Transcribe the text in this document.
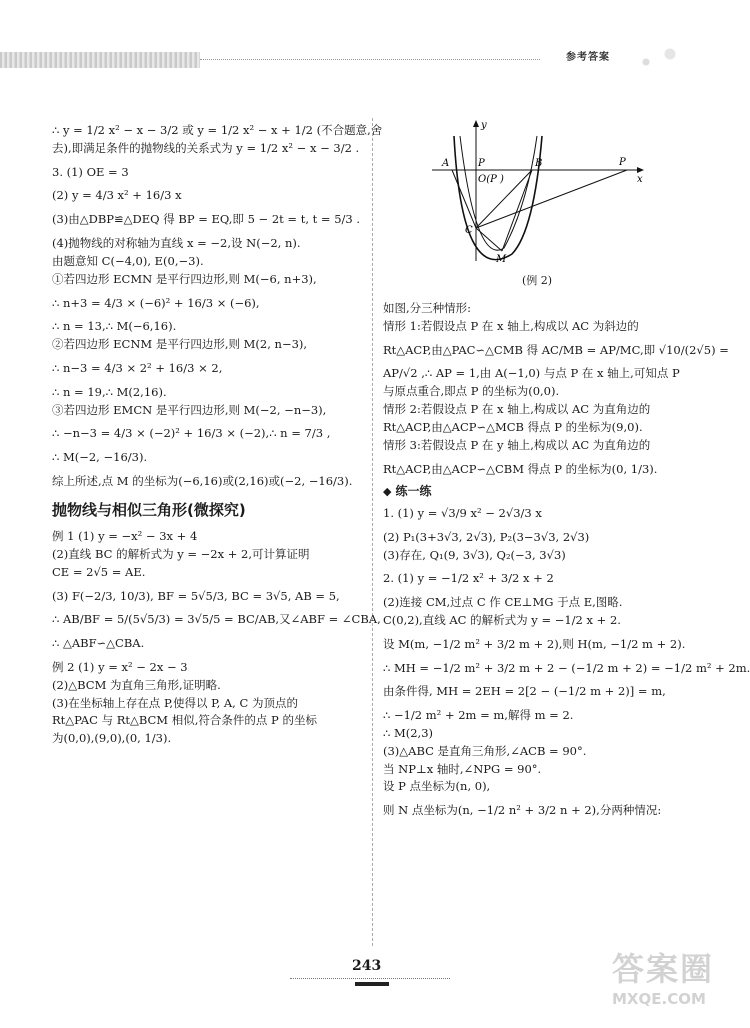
参考答案

∴ y = 1/2 x² − x − 3/2 或 y = 1/2 x² − x + 1/2 (不合题意,舍

去),即满足条件的抛物线的关系式为 y = 1/2 x² − x − 3/2 .

3. (1) OE = 3

(2) y = 4/3 x² + 16/3 x

(3)由△DBP≌△DEQ 得 BP = EQ,即 5 − 2t = t, t = 5/3 .

(4)抛物线的对称轴为直线 x = −2,设 N(−2, n).

由题意知 C(−4,0), E(0,−3).

①若四边形 ECMN 是平行四边形,则 M(−6, n+3),

∴ n+3 = 4/3 × (−6)² + 16/3 × (−6),

∴ n = 13,∴ M(−6,16).

②若四边形 ECNM 是平行四边形,则 M(2, n−3),

∴ n−3 = 4/3 × 2² + 16/3 × 2,

∴ n = 19,∴ M(2,16).

③若四边形 EMCN 是平行四边形,则 M(−2, −n−3),

∴ −n−3 = 4/3 × (−2)² + 16/3 × (−2),∴ n = 7/3 ,

∴ M(−2, −16/3).

综上所述,点 M 的坐标为(−6,16)或(2,16)或(−2, −16/3).

抛物线与相似三角形(微探究)

例 1 (1) y = −x² − 3x + 4

(2)直线 BC 的解析式为 y = −2x + 2,可计算证明

CE = 2√5 = AE.

(3) F(−2/3, 10/3), BF = 5√5/3, BC = 3√5, AB = 5,

∴ AB/BF = 5/(5√5/3) = 3√5/5 = BC/AB,又∠ABF = ∠CBA,

∴ △ABF∽△CBA.

例 2 (1) y = x² − 2x − 3

(2)△BCM 为直角三角形,证明略.

(3)在坐标轴上存在点 P,使得以 P, A, C 为顶点的

Rt△PAC 与 Rt△BCM 相似,符合条件的点 P 的坐标

为(0,0),(9,0),(0, 1/3).

A	P	B	P
O(P )
C
M
x
y
(例 2)

如图,分三种情形:

情形 1:若假设点 P 在 x 轴上,构成以 AC 为斜边的

Rt△ACP,由△PAC∽△CMB 得 AC/MB = AP/MC,即 √10/(2√5) =

AP/√2 ,∴ AP = 1,由 A(−1,0) 与点 P 在 x 轴上,可知点 P

与原点重合,即点 P 的坐标为(0,0).

情形 2:若假设点 P 在 x 轴上,构成以 AC 为直角边的

Rt△ACP,由△ACP∽△MCB 得点 P 的坐标为(9,0).

情形 3:若假设点 P 在 y 轴上,构成以 AC 为直角边的

Rt△ACP,由△ACP∽△CBM 得点 P 的坐标为(0, 1/3).

◆ 练一练

1. (1) y = √3/9 x² − 2√3/3 x

(2) P₁(3+3√3, 2√3), P₂(3−3√3, 2√3)

(3)存在, Q₁(9, 3√3), Q₂(−3, 3√3)

2. (1) y = −1/2 x² + 3/2 x + 2

(2)连接 CM,过点 C 作 CE⊥MG 于点 E,图略.

C(0,2),直线 AC 的解析式为 y = −1/2 x + 2.

设 M(m, −1/2 m² + 3/2 m + 2),则 H(m, −1/2 m + 2).

∴ MH = −1/2 m² + 3/2 m + 2 − (−1/2 m + 2) = −1/2 m² + 2m.

由条件得, MH = 2EH = 2[2 − (−1/2 m + 2)] = m,

∴ −1/2 m² + 2m = m,解得 m = 2.

∴ M(2,3)

(3)△ABC 是直角三角形,∠ACB = 90°.

当 NP⊥x 轴时,∠NPG = 90°.

设 P 点坐标为(n, 0),

则 N 点坐标为(n, −1/2 n² + 3/2 n + 2),分两种情况:

243	答案圈
MXQE.COM
